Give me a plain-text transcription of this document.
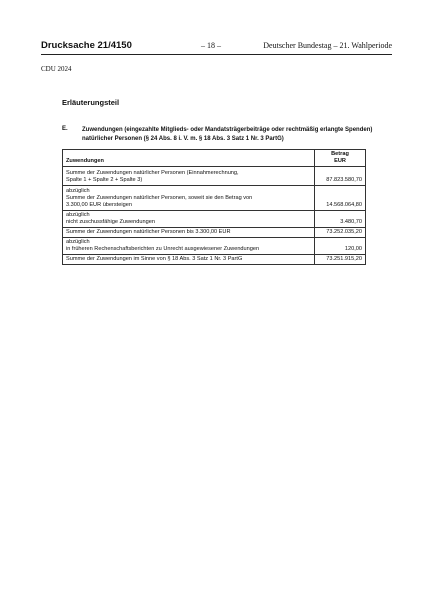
Drucksache 21/4150	– 18 –	Deutscher Bundestag – 21. Wahlperiode
CDU 2024
Erläuterungsteil
E. Zuwendungen (eingezahlte Mitglieds- oder Mandatsträgerbeiträge oder rechtmäßig erlangte Spenden) natürlicher Personen (§ 24 Abs. 8 i. V. m. § 18 Abs. 3 Satz 1 Nr. 3 PartG)
Zuwendungen	Betrag
EUR
Summe der Zuwendungen natürlicher Personen (Einnahmerechnung,
Spalte 1 + Spalte 2 + Spalte 3)	87.823.580,70
abzüglich
Summe der Zuwendungen natürlicher Personen, soweit sie den Betrag von
3.300,00 EUR übersteigen	14.568.064,80
abzüglich
nicht zuschussfähige Zuwendungen	3.480,70
Summe der Zuwendungen natürlicher Personen bis 3.300,00 EUR	73.252.035,20
abzüglich
in früheren Rechenschaftsberichten zu Unrecht ausgewiesener Zuwendungen	120,00
Summe der Zuwendungen im Sinne von § 18 Abs. 3 Satz 1 Nr. 3 PartG	73.251.915,20
